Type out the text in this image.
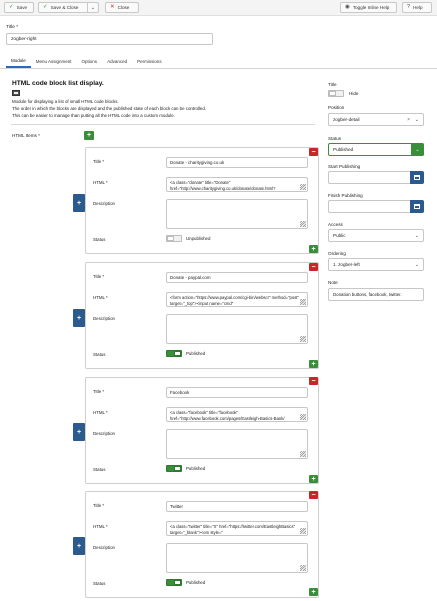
✓ Save	✓ Save & Close ⌄	✕ Close	◉ Toggle Inline Help	? Help
Title *
zogber-right
Module	Menu Assignment	Options	Advanced	Permissions
HTML code block list display.
Module for displaying a list of small HTML code blocks.
The order in which the blocks are displayed and the published state of each block can be controlled.
This can be easier to manage than putting all the HTML code into a custom module.
HTML Items *	+
Title *	Donate - charitygiving.co.uk
HTML *	<a class="donate" title="Donate" href="http://www.charitygiving.co.uk/donate/donate.html?
Description
Status	Unpublished
+
−
+
Title *	Donate - paypal.com
HTML *	<form action="https://www.paypal.com/cgi-bin/webscr" method="post" target="_top"><input name="cmd"
Description
Status	Published
+
−
+
Title *	Facebook
HTML *	<a class="facebook" title="facebook" href="http://www.facebook.com/pages/Eastleigh-Basics-Bank/
Description
Status	Published
+
−
+
Title *	Twitter
HTML *	<a class="twitter" title="X" href="https://twitter.com/EastleighBasics" target="_blank"><em style="
Description
Status	Published
+
−
+
Title
Hide
Position
zogber-detail	× ⌄
Status
Published	⌄
Start Publishing
Finish Publishing
Access
Public	⌄
Ordering
1. zogber-left	⌄
Note
Donation buttons, facebook, twitter.
